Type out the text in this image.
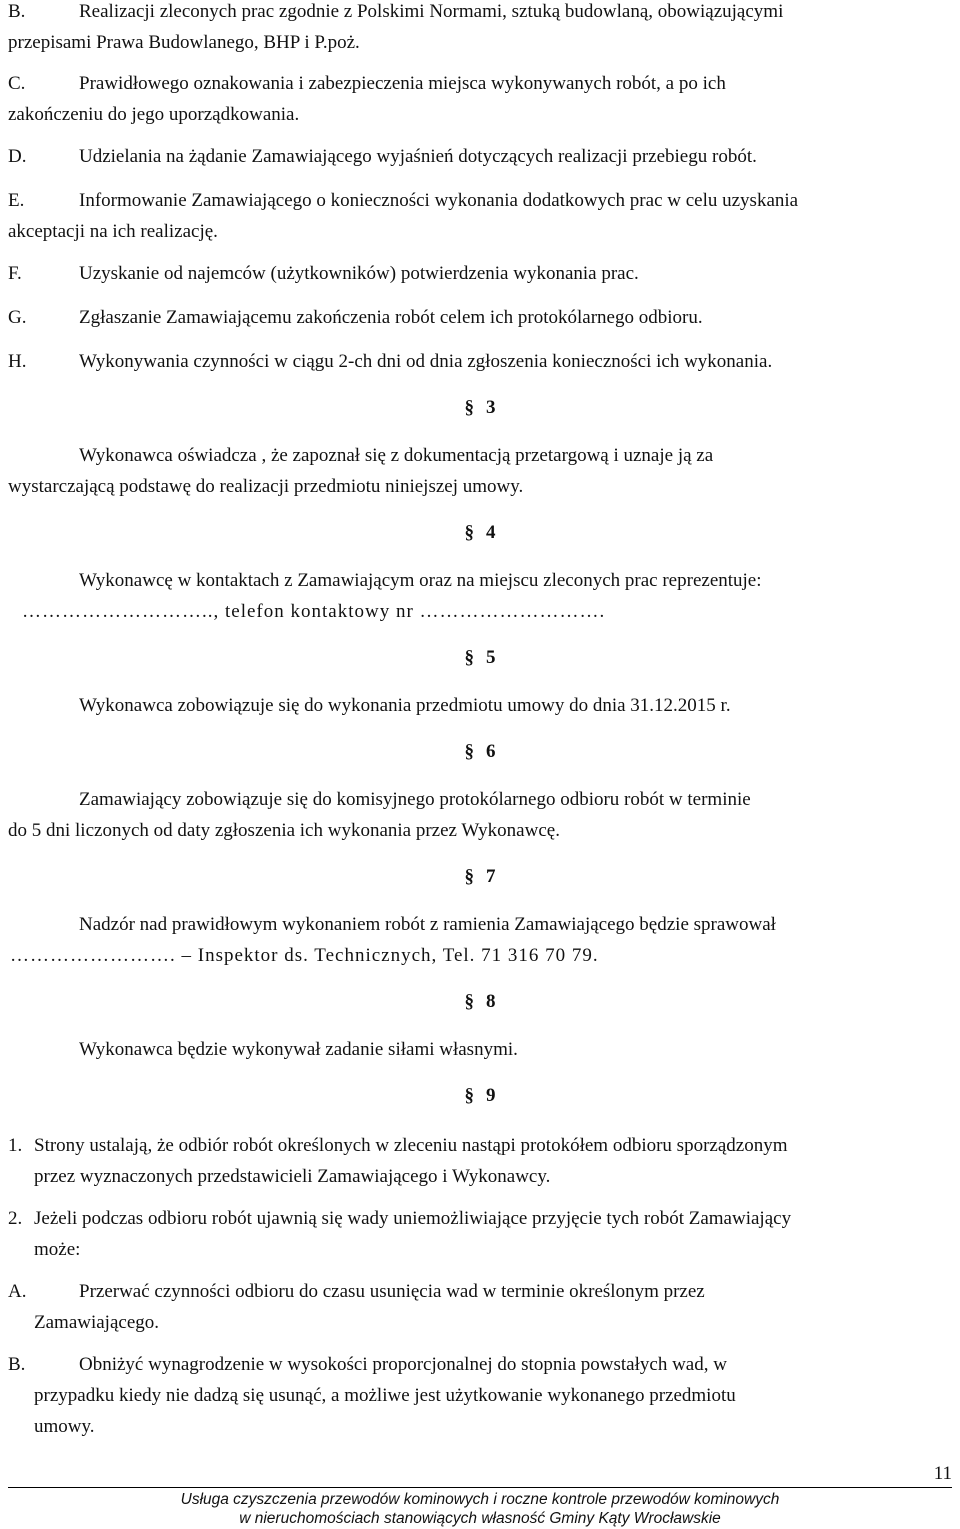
B.	Realizacji zleconych prac zgodnie z Polskimi Normami, sztuką budowlaną, obowiązującymi
przepisami Prawa Budowlanego, BHP i P.poż.
C.	Prawidłowego oznakowania i zabezpieczenia miejsca wykonywanych robót, a po ich
zakończeniu do jego uporządkowania.
D.	Udzielania na żądanie Zamawiającego wyjaśnień dotyczących realizacji przebiegu robót.
E.	Informowanie Zamawiającego o konieczności wykonania dodatkowych prac w celu uzyskania
akceptacji na ich realizację.
F.	Uzyskanie od najemców (użytkowników) potwierdzenia wykonania prac.
G.	Zgłaszanie Zamawiającemu zakończenia robót celem ich protokólarnego odbioru.
H.	Wykonywania czynności w ciągu 2-ch dni od dnia zgłoszenia konieczności ich wykonania.
§ 3
Wykonawca oświadcza , że zapoznał się z dokumentacją przetargową i uznaje ją za
wystarczającą podstawę do realizacji przedmiotu niniejszej umowy.
§ 4
Wykonawcę w kontaktach z Zamawiającym oraz na miejscu zleconych prac reprezentuje:
……………………….., telefon kontaktowy nr ……………………….
§ 5
Wykonawca zobowiązuje się do wykonania przedmiotu umowy do dnia 31.12.2015 r.
§ 6
Zamawiający zobowiązuje się do komisyjnego protokólarnego odbioru robót w terminie
do 5 dni liczonych od daty zgłoszenia ich wykonania przez Wykonawcę.
§ 7
Nadzór nad prawidłowym wykonaniem robót z ramienia Zamawiającego będzie sprawował
……………………. – Inspektor ds. Technicznych, Tel. 71 316 70 79.
§ 8
Wykonawca będzie wykonywał zadanie siłami własnymi.
§ 9
1. Strony ustalają, że odbiór robót określonych w zleceniu nastąpi protokółem odbioru sporządzonym
przez wyznaczonych przedstawicieli Zamawiającego i Wykonawcy.
2. Jeżeli podczas odbioru robót ujawnią się wady uniemożliwiające przyjęcie tych robót Zamawiający
może:
A.	Przerwać czynności odbioru do czasu usunięcia wad w terminie określonym przez
Zamawiającego.
B.	Obniżyć wynagrodzenie w wysokości proporcjonalnej do stopnia powstałych wad, w
przypadku kiedy nie dadzą się usunąć, a możliwe jest użytkowanie wykonanego przedmiotu
umowy.
11
Usługa czyszczenia przewodów kominowych i roczne kontrole przewodów kominowych
w nieruchomościach stanowiących własność Gminy Kąty Wrocławskie
